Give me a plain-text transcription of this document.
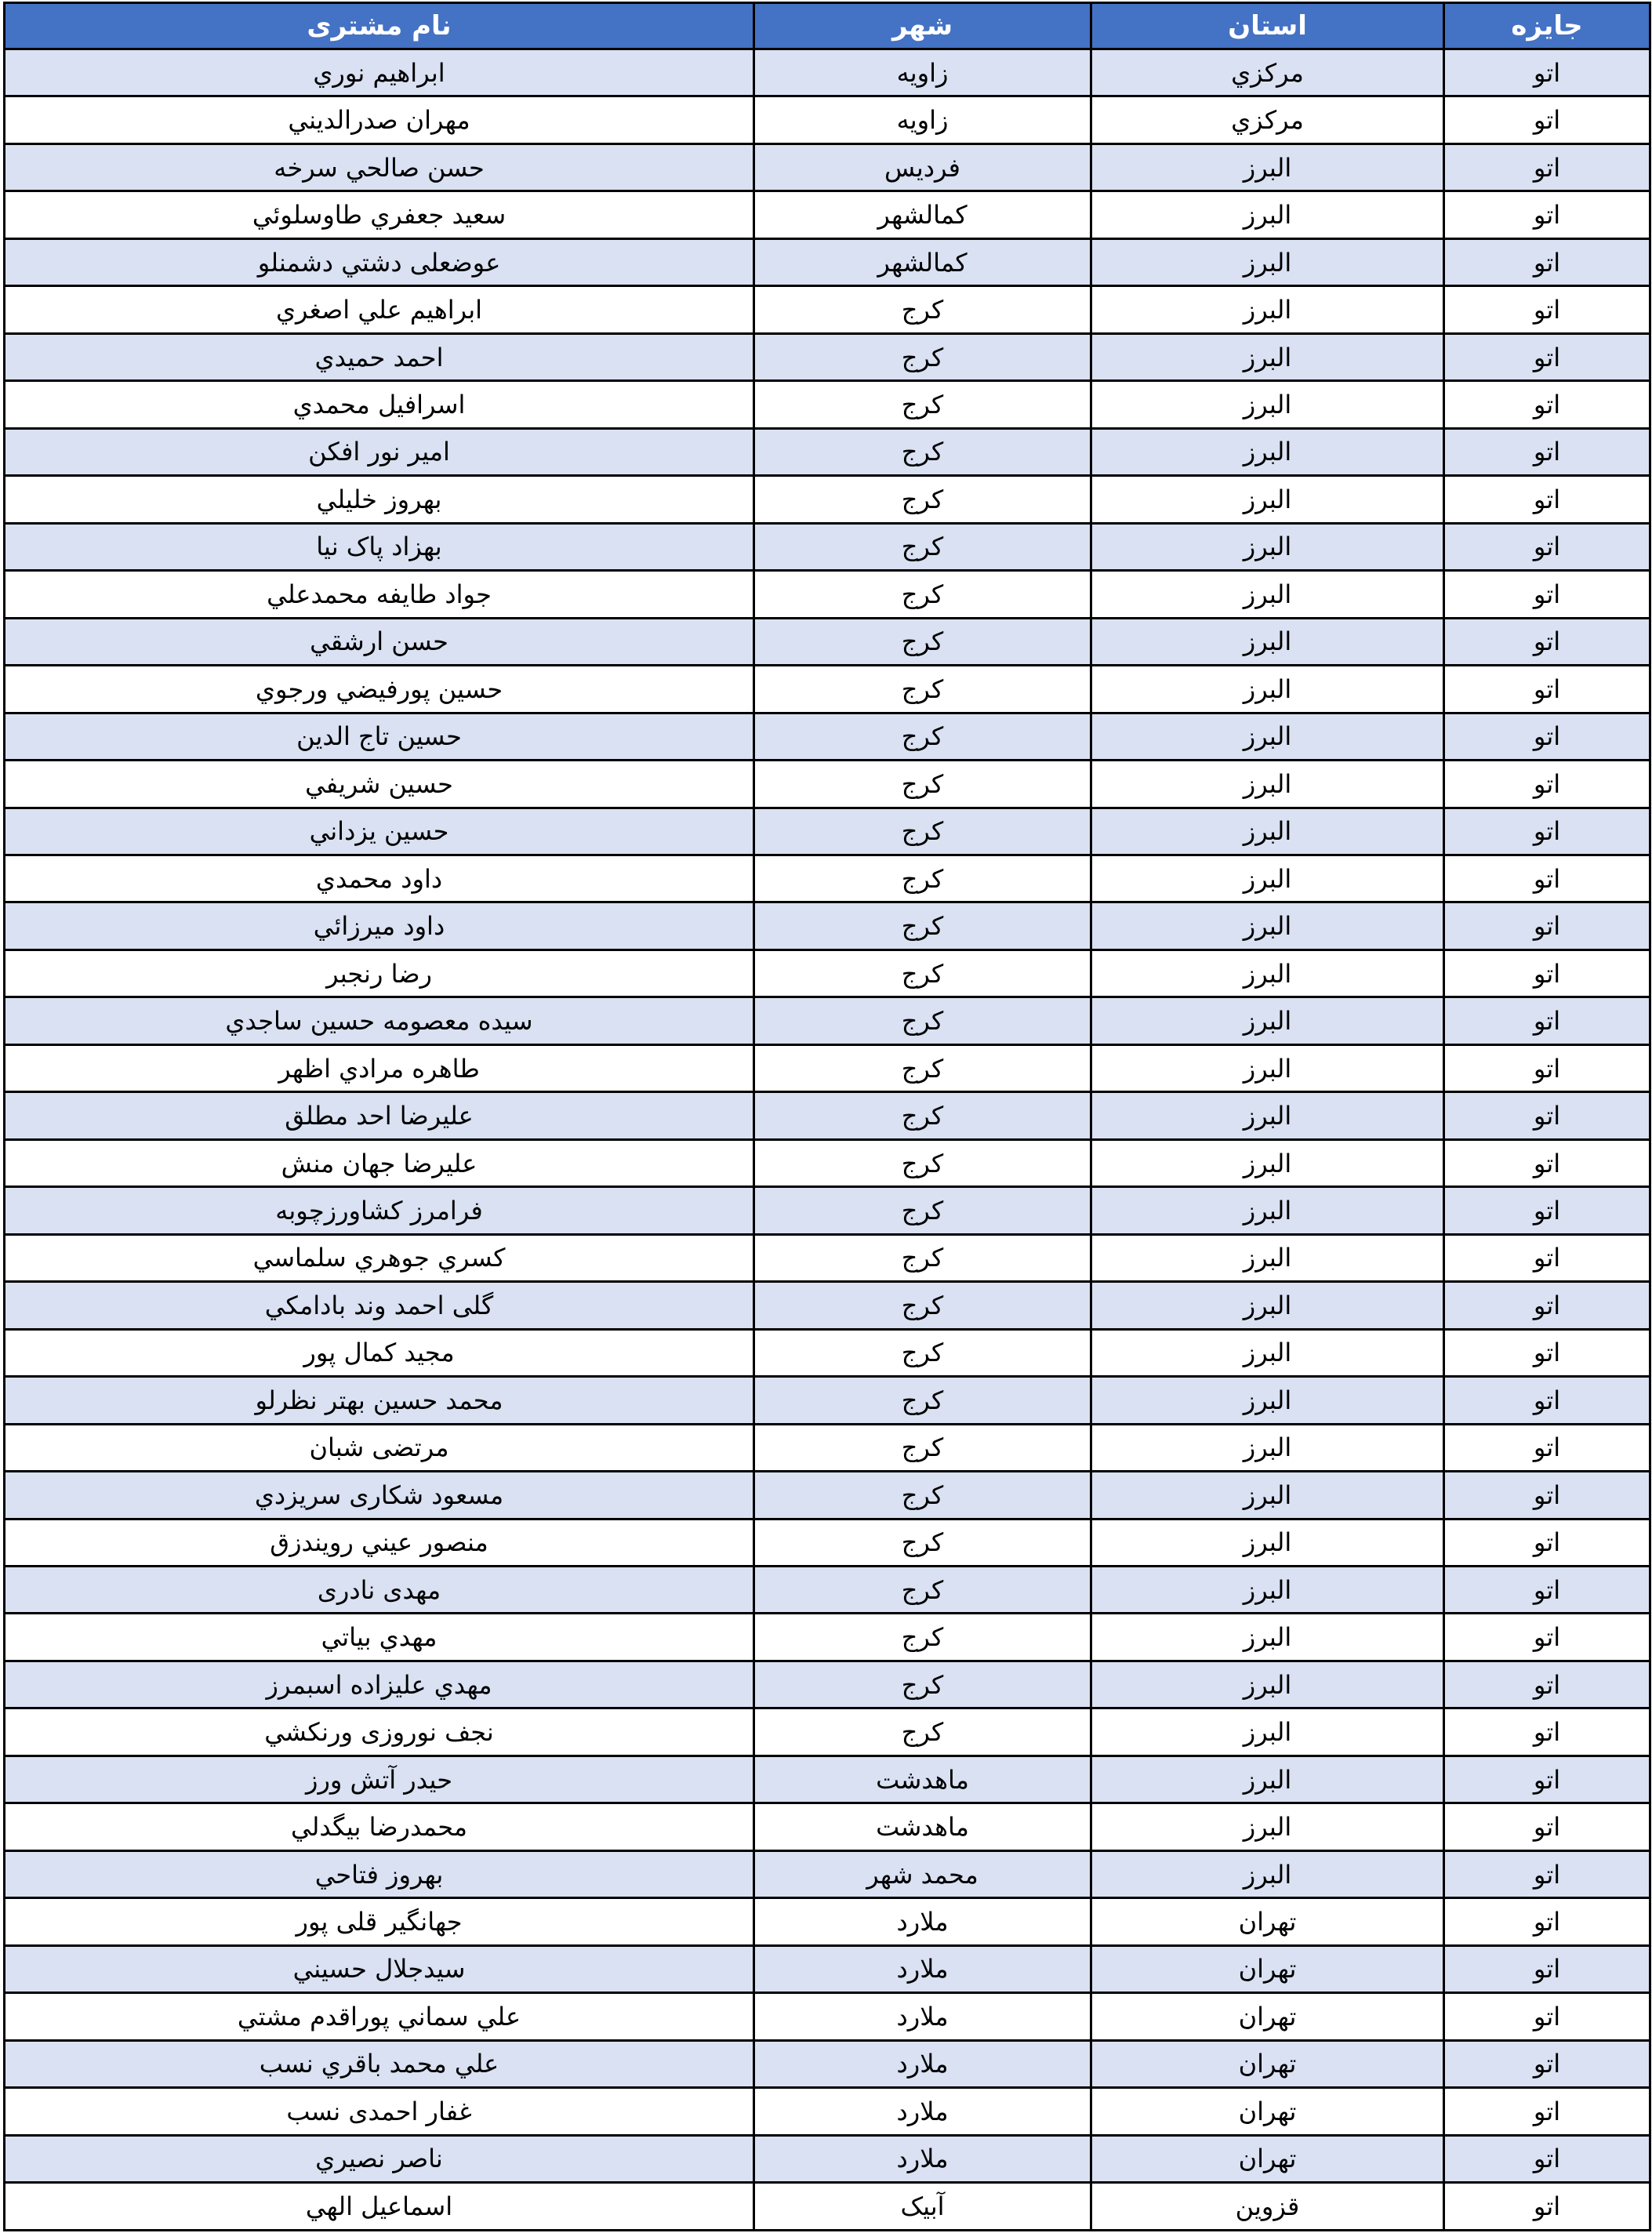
جایزه	استان	شهر	نام مشتری
اتو	مرکزي	زاويه	ابراهيم نوري
اتو	مرکزي	زاويه	مهران صدرالديني
اتو	البرز	فرديس	حسن صالحي سرخه
اتو	البرز	کمالشهر	سعيد جعفري طاوسلوئي
اتو	البرز	کمالشهر	عوضعلی دشتي دشمنلو
اتو	البرز	کرج	ابراهيم علي اصغري
اتو	البرز	کرج	احمد حميدي
اتو	البرز	کرج	اسرافيل محمدي
اتو	البرز	کرج	امير نور افکن
اتو	البرز	کرج	بهروز خليلي
اتو	البرز	کرج	بهزاد پاک نيا
اتو	البرز	کرج	جواد طايفه محمدعلي
اتو	البرز	کرج	حسن ارشقي
اتو	البرز	کرج	حسين پورفيضي ورجوي
اتو	البرز	کرج	حسين تاج الدين
اتو	البرز	کرج	حسين شريفي
اتو	البرز	کرج	حسين يزداني
اتو	البرز	کرج	داود محمدي
اتو	البرز	کرج	داود ميرزائي
اتو	البرز	کرج	رضا رنجبر
اتو	البرز	کرج	سيده معصومه حسين ساجدي
اتو	البرز	کرج	طاهره مرادي اظهر
اتو	البرز	کرج	عليرضا احد مطلق
اتو	البرز	کرج	عليرضا جهان منش
اتو	البرز	کرج	فرامرز کشاورزچوبه
اتو	البرز	کرج	کسري جوهري سلماسي
اتو	البرز	کرج	گلی احمد وند بادامکي
اتو	البرز	کرج	مجيد کمال پور
اتو	البرز	کرج	محمد حسين بهتر نظرلو
اتو	البرز	کرج	مرتضی شبان
اتو	البرز	کرج	مسعود شکاری سریزدي
اتو	البرز	کرج	منصور عيني رويندزق
اتو	البرز	کرج	مهدی نادری
اتو	البرز	کرج	مهدي بياتي
اتو	البرز	کرج	مهدي عليزاده اسبمرز
اتو	البرز	کرج	نجف نوروزی ورنکشي
اتو	البرز	ماهدشت	حيدر آتش ورز
اتو	البرز	ماهدشت	محمدرضا بيگدلي
اتو	البرز	محمد شهر	بهروز فتاحي
اتو	تهران	ملارد	جهانگير قلی پور
اتو	تهران	ملارد	سيدجلال حسيني
اتو	تهران	ملارد	علي سماني پوراقدم مشتي
اتو	تهران	ملارد	علي محمد باقري نسب
اتو	تهران	ملارد	غفار احمدی نسب
اتو	تهران	ملارد	ناصر نصيري
اتو	قزوين	آبيک	اسماعيل الهي
